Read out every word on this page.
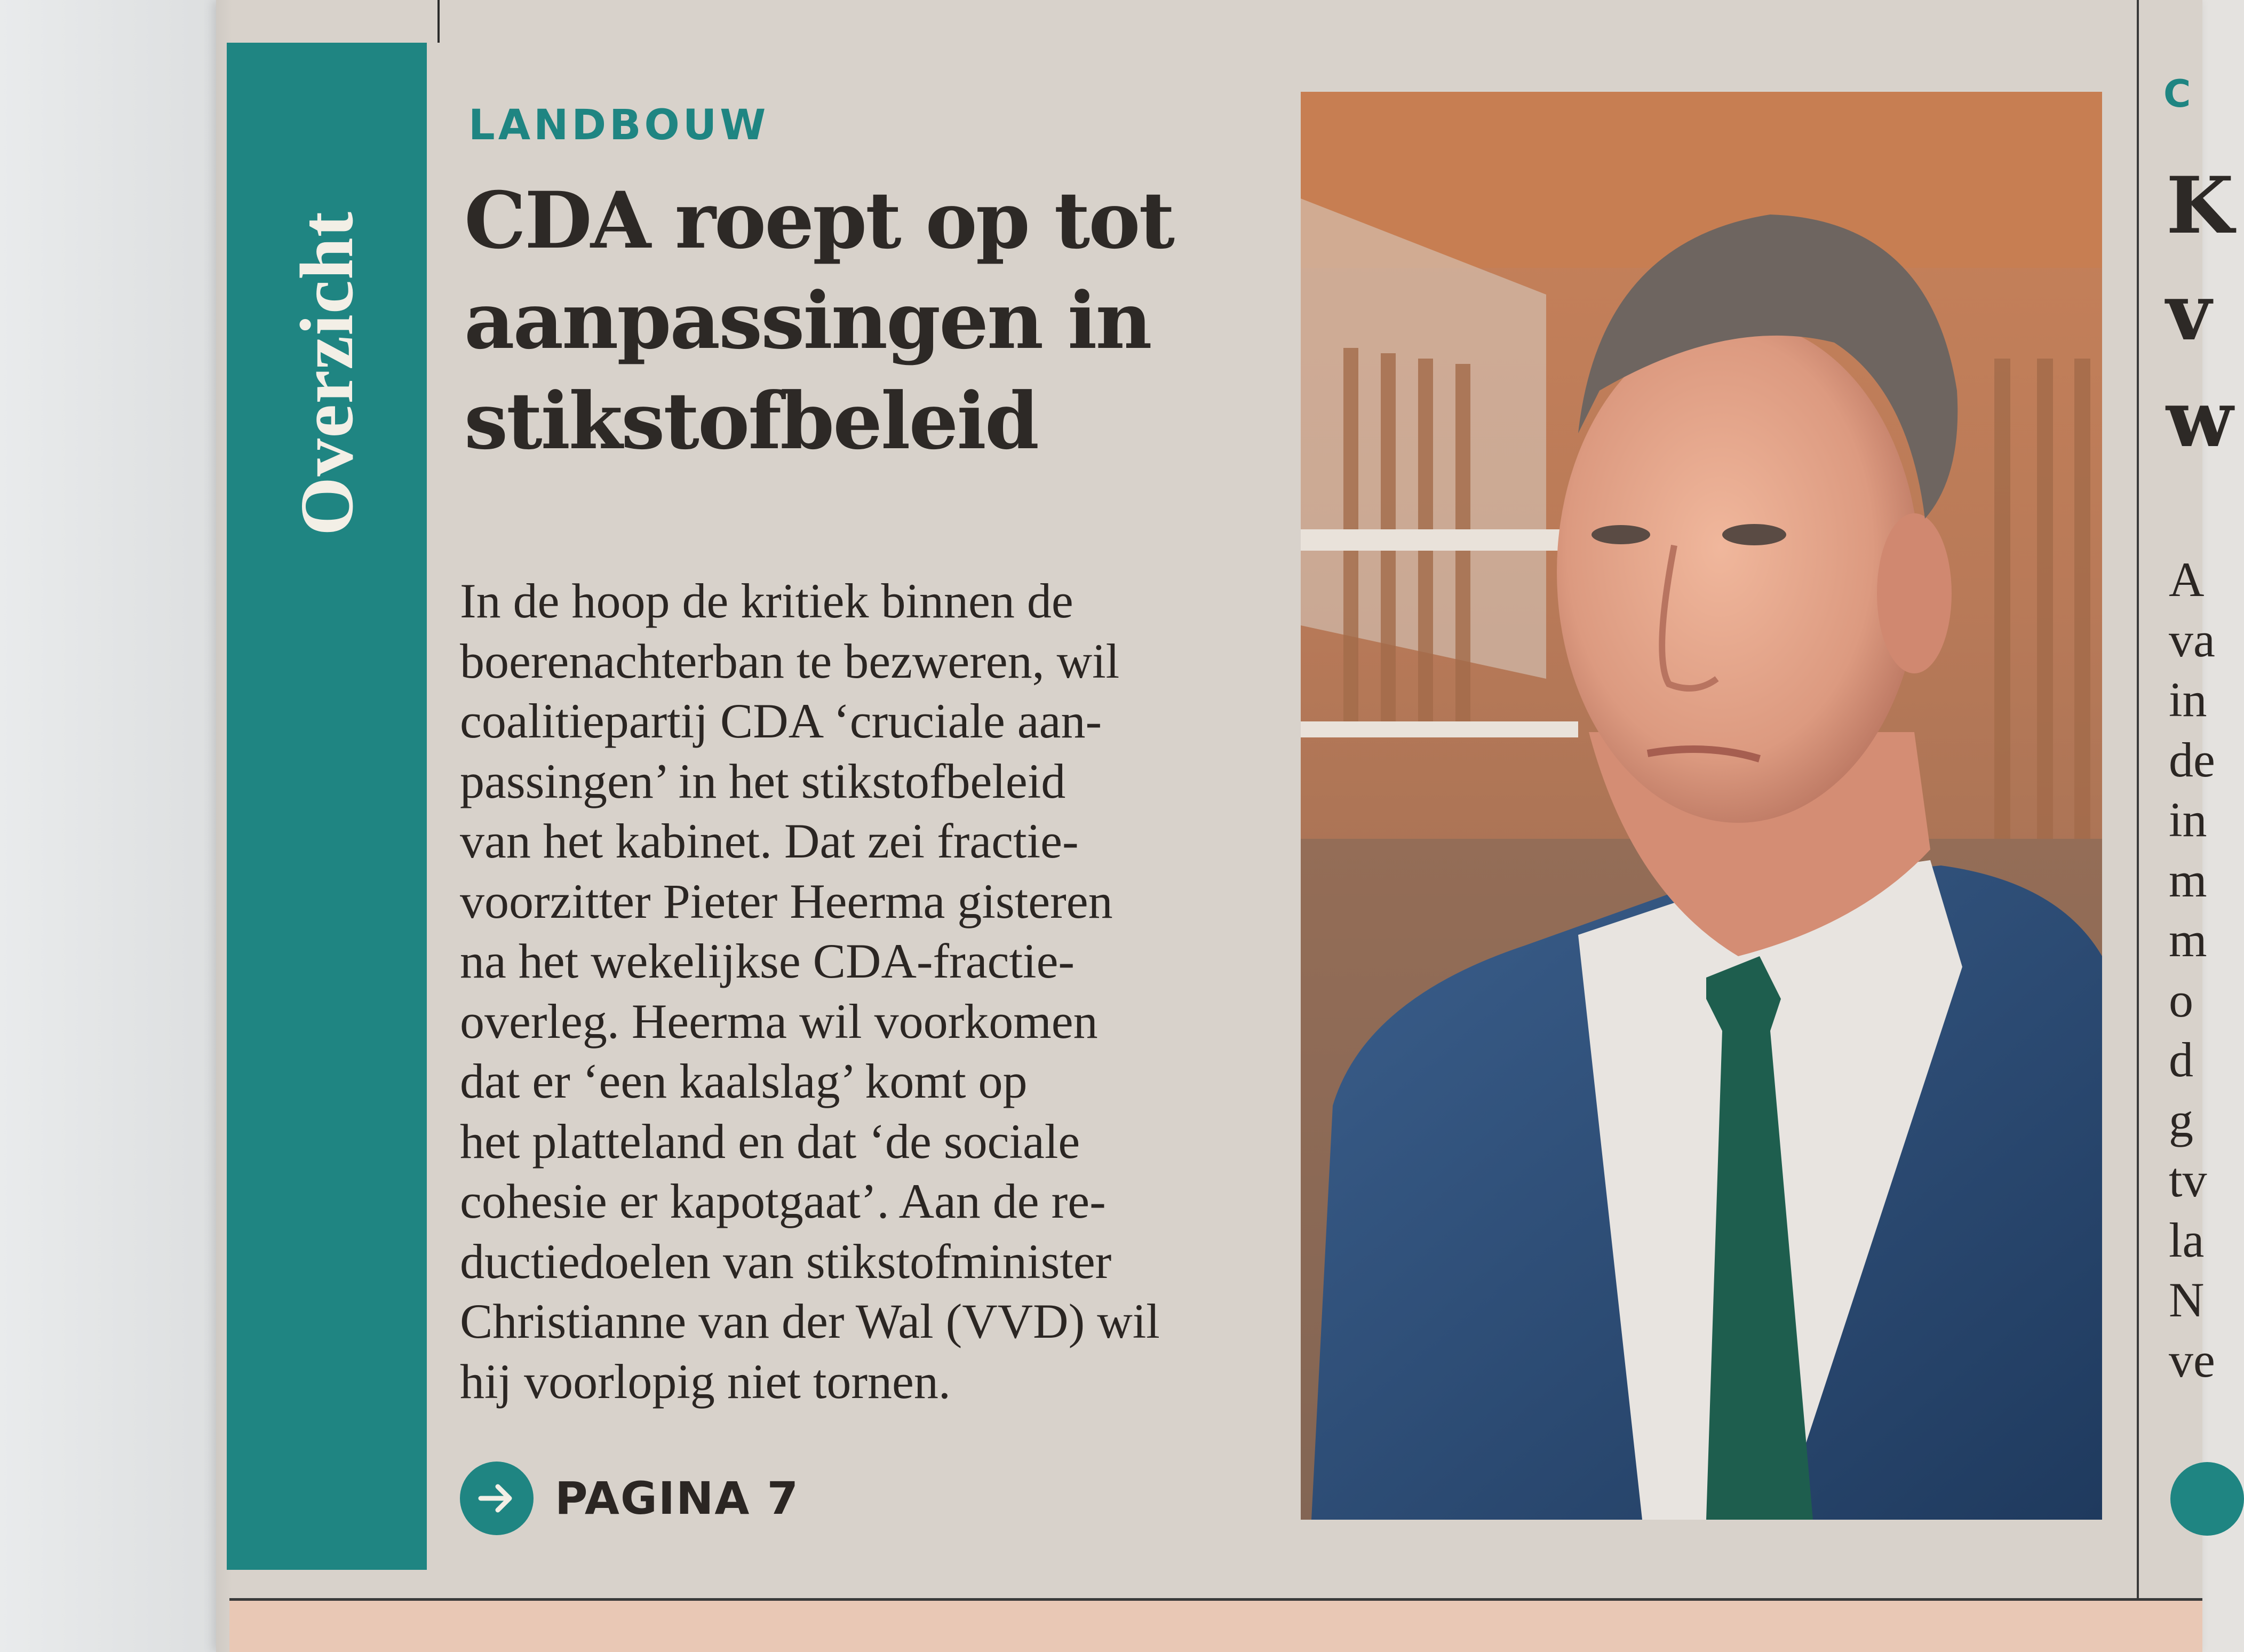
Overzicht
LANDBOUW
CDA roept op tot
aanpassingen in
stikstofbeleid
In de hoop de kritiek binnen de
boerenachterban te bezweren, wil
coalitiepartij CDA ‘cruciale aan-
passingen’ in het stikstofbeleid
van het kabinet. Dat zei fractie-
voorzitter Pieter Heerma gisteren
na het wekelijkse CDA-fractie-
overleg. Heerma wil voorkomen
dat er ‘een kaalslag’ komt op
het platteland en dat ‘de sociale
cohesie er kapotgaat’. Aan de re-
ductiedoelen van stikstofminister
Christianne van der Wal (VVD) wil
hij voorlopig niet tornen.
PAGINA 7
C
K
v
w
A
va
in
de
in
m
m
o
d
g
tv
la
N
ve
